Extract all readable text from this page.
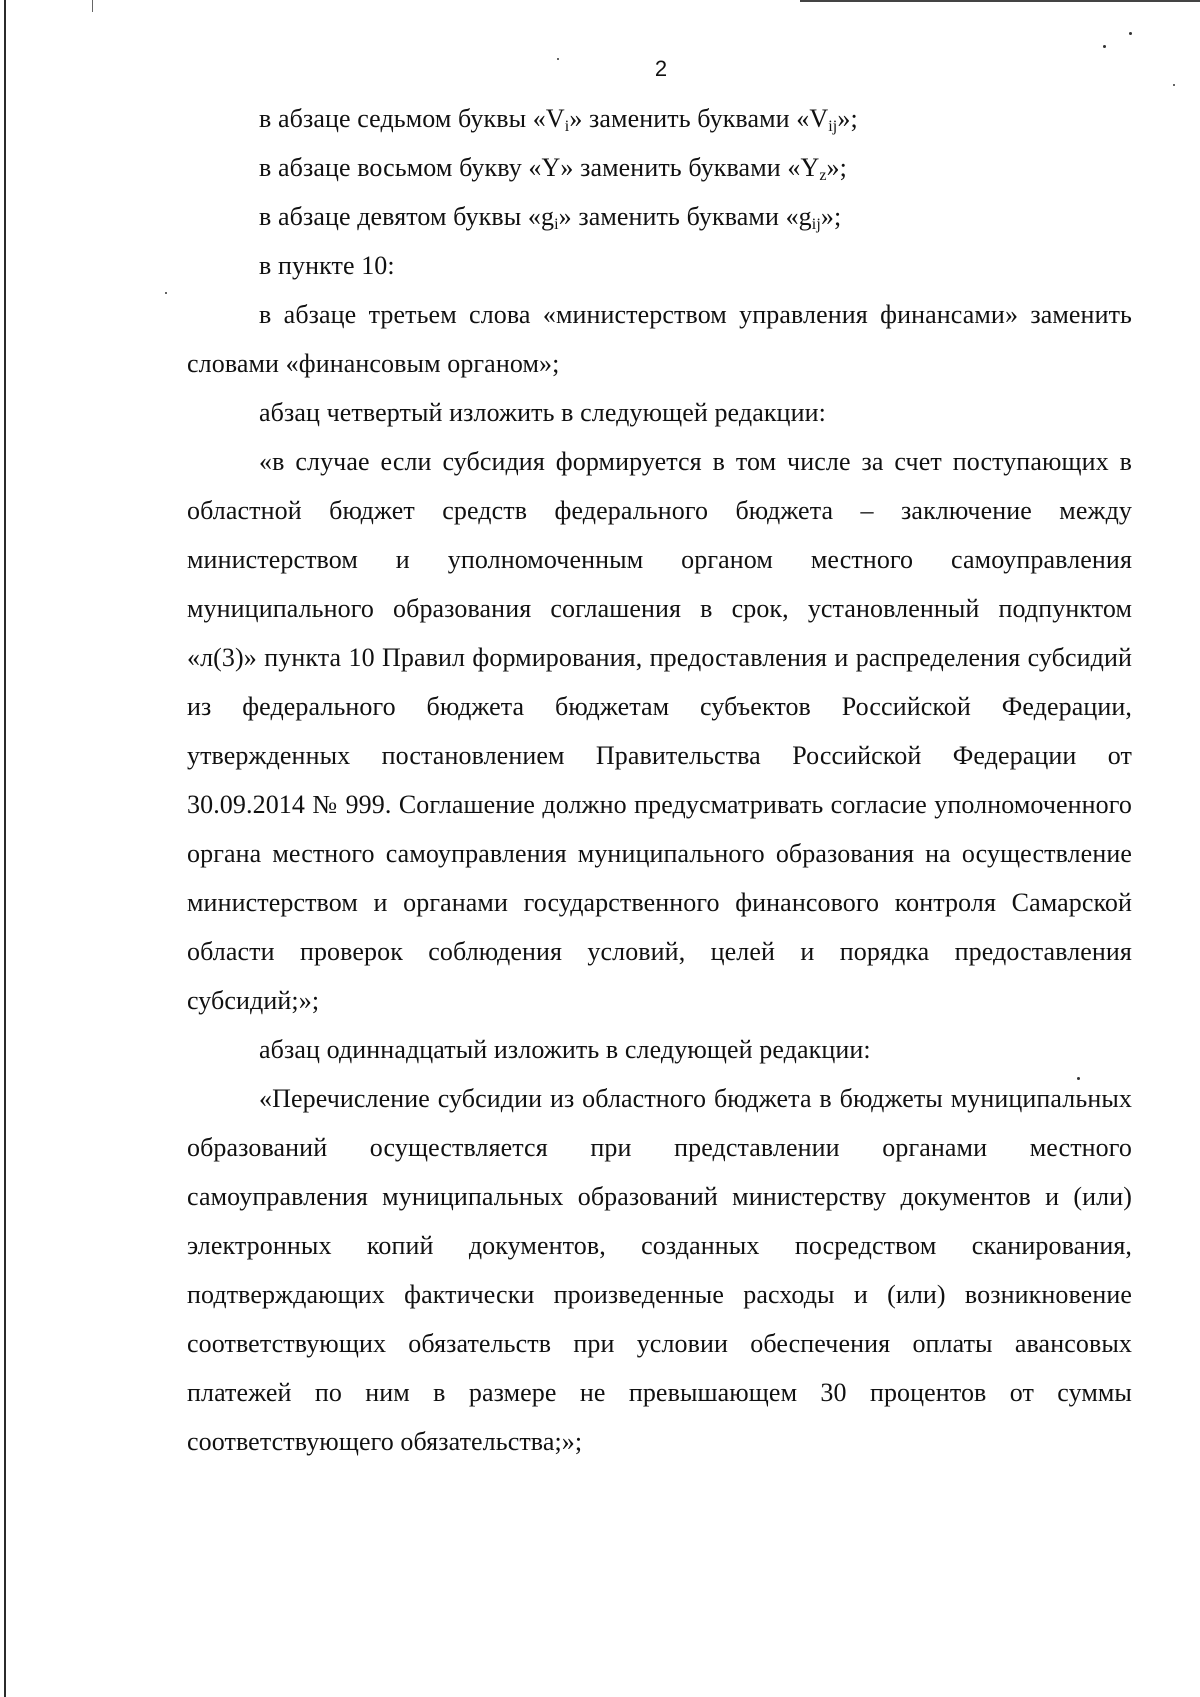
2

в абзаце седьмом буквы «$V_i$» заменить буквами «$V_{ij}$»;

в абзаце восьмом букву «Y» заменить буквами «$Y_z$»;

в абзаце девятом буквы «$g_i$» заменить буквами «$g_{ij}$»;

в пункте 10:

в абзаце третьем слова «министерством управления финансами» заменить словами «финансовым органом»;

абзац четвертый изложить в следующей редакции:

«в случае если субсидия формируется в том числе за счет поступающих в областной бюджет средств федерального бюджета – заключение между министерством и уполномоченным органом местного самоуправления муниципального образования соглашения в срок, установленный подпунктом «л(3)» пункта 10 Правил формирования, предоставления и распределения субсидий из федерального бюджета бюджетам субъектов Российской Федерации, утвержденных постановлением Правительства Российской Федерации от 30.09.2014 № 999. Соглашение должно предусматривать согласие уполномоченного органа местного самоуправления муниципального образования на осуществление министерством и органами государственного финансового контроля Самарской области проверок соблюдения условий, целей и порядка предоставления субсидий;»;

абзац одиннадцатый изложить в следующей редакции:

«Перечисление субсидии из областного бюджета в бюджеты муниципальных образований осуществляется при представлении органами местного самоуправления муниципальных образований министерству документов и (или) электронных копий документов, созданных посредством сканирования, подтверждающих фактически произведенные расходы и (или) возникновение соответствующих обязательств при условии обеспечения оплаты авансовых платежей по ним в размере не превышающем 30 процентов от суммы соответствующего обязательства;»;
